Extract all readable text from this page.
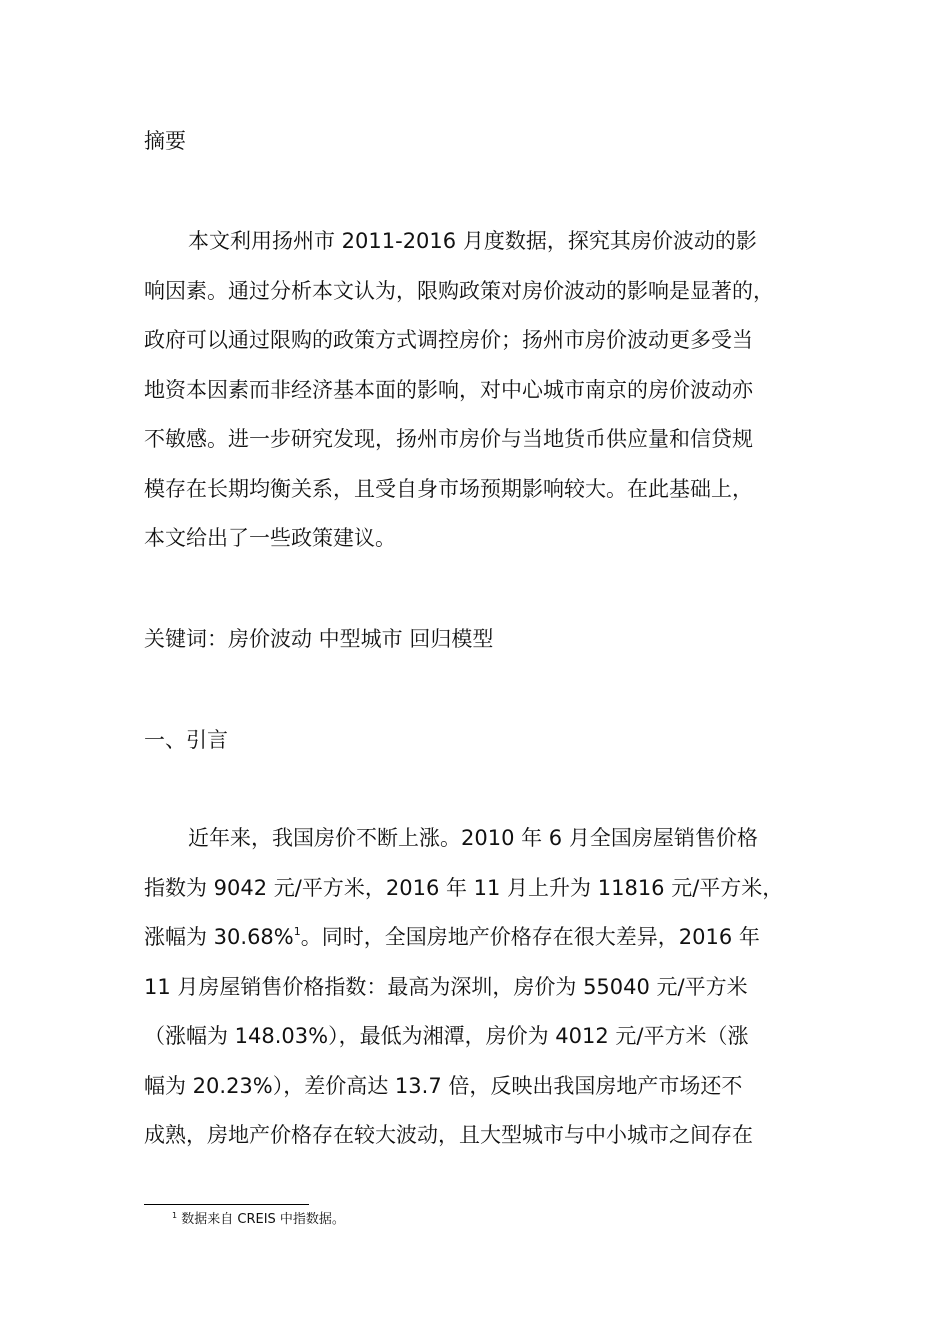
摘要
本文利用扬州市 2011-2016 月度数据，探究其房价波动的影
响因素。通过分析本文认为，限购政策对房价波动的影响是显著的，
政府可以通过限购的政策方式调控房价；扬州市房价波动更多受当
地资本因素而非经济基本面的影响，对中心城市南京的房价波动亦
不敏感。进一步研究发现，扬州市房价与当地货币供应量和信贷规
模存在长期均衡关系，且受自身市场预期影响较大。在此基础上，
本文给出了一些政策建议。

关键词：房价波动 中型城市 回归模型

一、引言
近年来，我国房价不断上涨。2010 年 6 月全国房屋销售价格
指数为 9042 元/平方米，2016 年 11 月上升为 11816 元/平方米，
涨幅为 30.68%$^1$。同时，全国房地产价格存在很大差异，2016 年
11 月房屋销售价格指数：最高为深圳，房价为 55040 元/平方米
（涨幅为 148.03%），最低为湘潭，房价为 4012 元/平方米（涨
幅为 20.23%），差价高达 13.7 倍，反映出我国房地产市场还不
成熟，房地产价格存在较大波动，且大型城市与中小城市之间存在
$^1$ 数据来自 CREIS 中指数据。
